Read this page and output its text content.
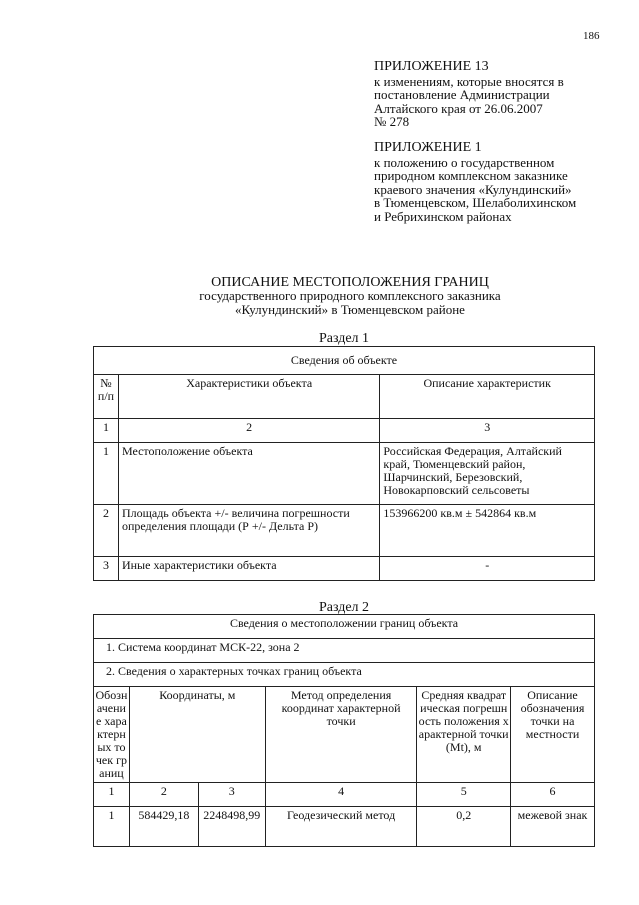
186
ПРИЛОЖЕНИЕ 13
к изменениям, которые вносятся в
постановление Администрации
Алтайского края от 26.06.2007
№ 278
ПРИЛОЖЕНИЕ 1
к положению о государственном
природном комплексном заказнике
краевого значения «Кулундинский»
в Тюменцевском, Шелаболихинском
и Ребрихинском районах
ОПИСАНИЕ МЕСТОПОЛОЖЕНИЯ ГРАНИЦ
государственного природного комплексного заказника
«Кулундинский» в Тюменцевском районе
Раздел 1
Сведения об объекте		
№ п/п	Характеристики объекта	Описание характеристик
1	2	3
1	Местоположение объекта	Российская Федерация, Алтайский край, Тюменцевский район, Шарчинский, Березовский, Новокарповский сельсоветы
2	Площадь объекта +/- величина погрешности определения площади (Р +/- Дельта Р)	153966200 кв.м ± 542864 кв.м
3	Иные характеристики объекта	-
Раздел 2
Сведения о местоположении границ объекта					
1. Система координат МСК-22, зона 2					
2. Сведения о характерных точках границ объекта					
Обозначение характерных точек границ	Координаты, м		Метод определения координат характерной точки	Средняя квадратическая погрешность положения характерной точки (Mt), м	Описание обозначения точки на местности
1	2	3	4	5	6
1	584429,18	2248498,99	Геодезический метод	0,2	межевой знак
